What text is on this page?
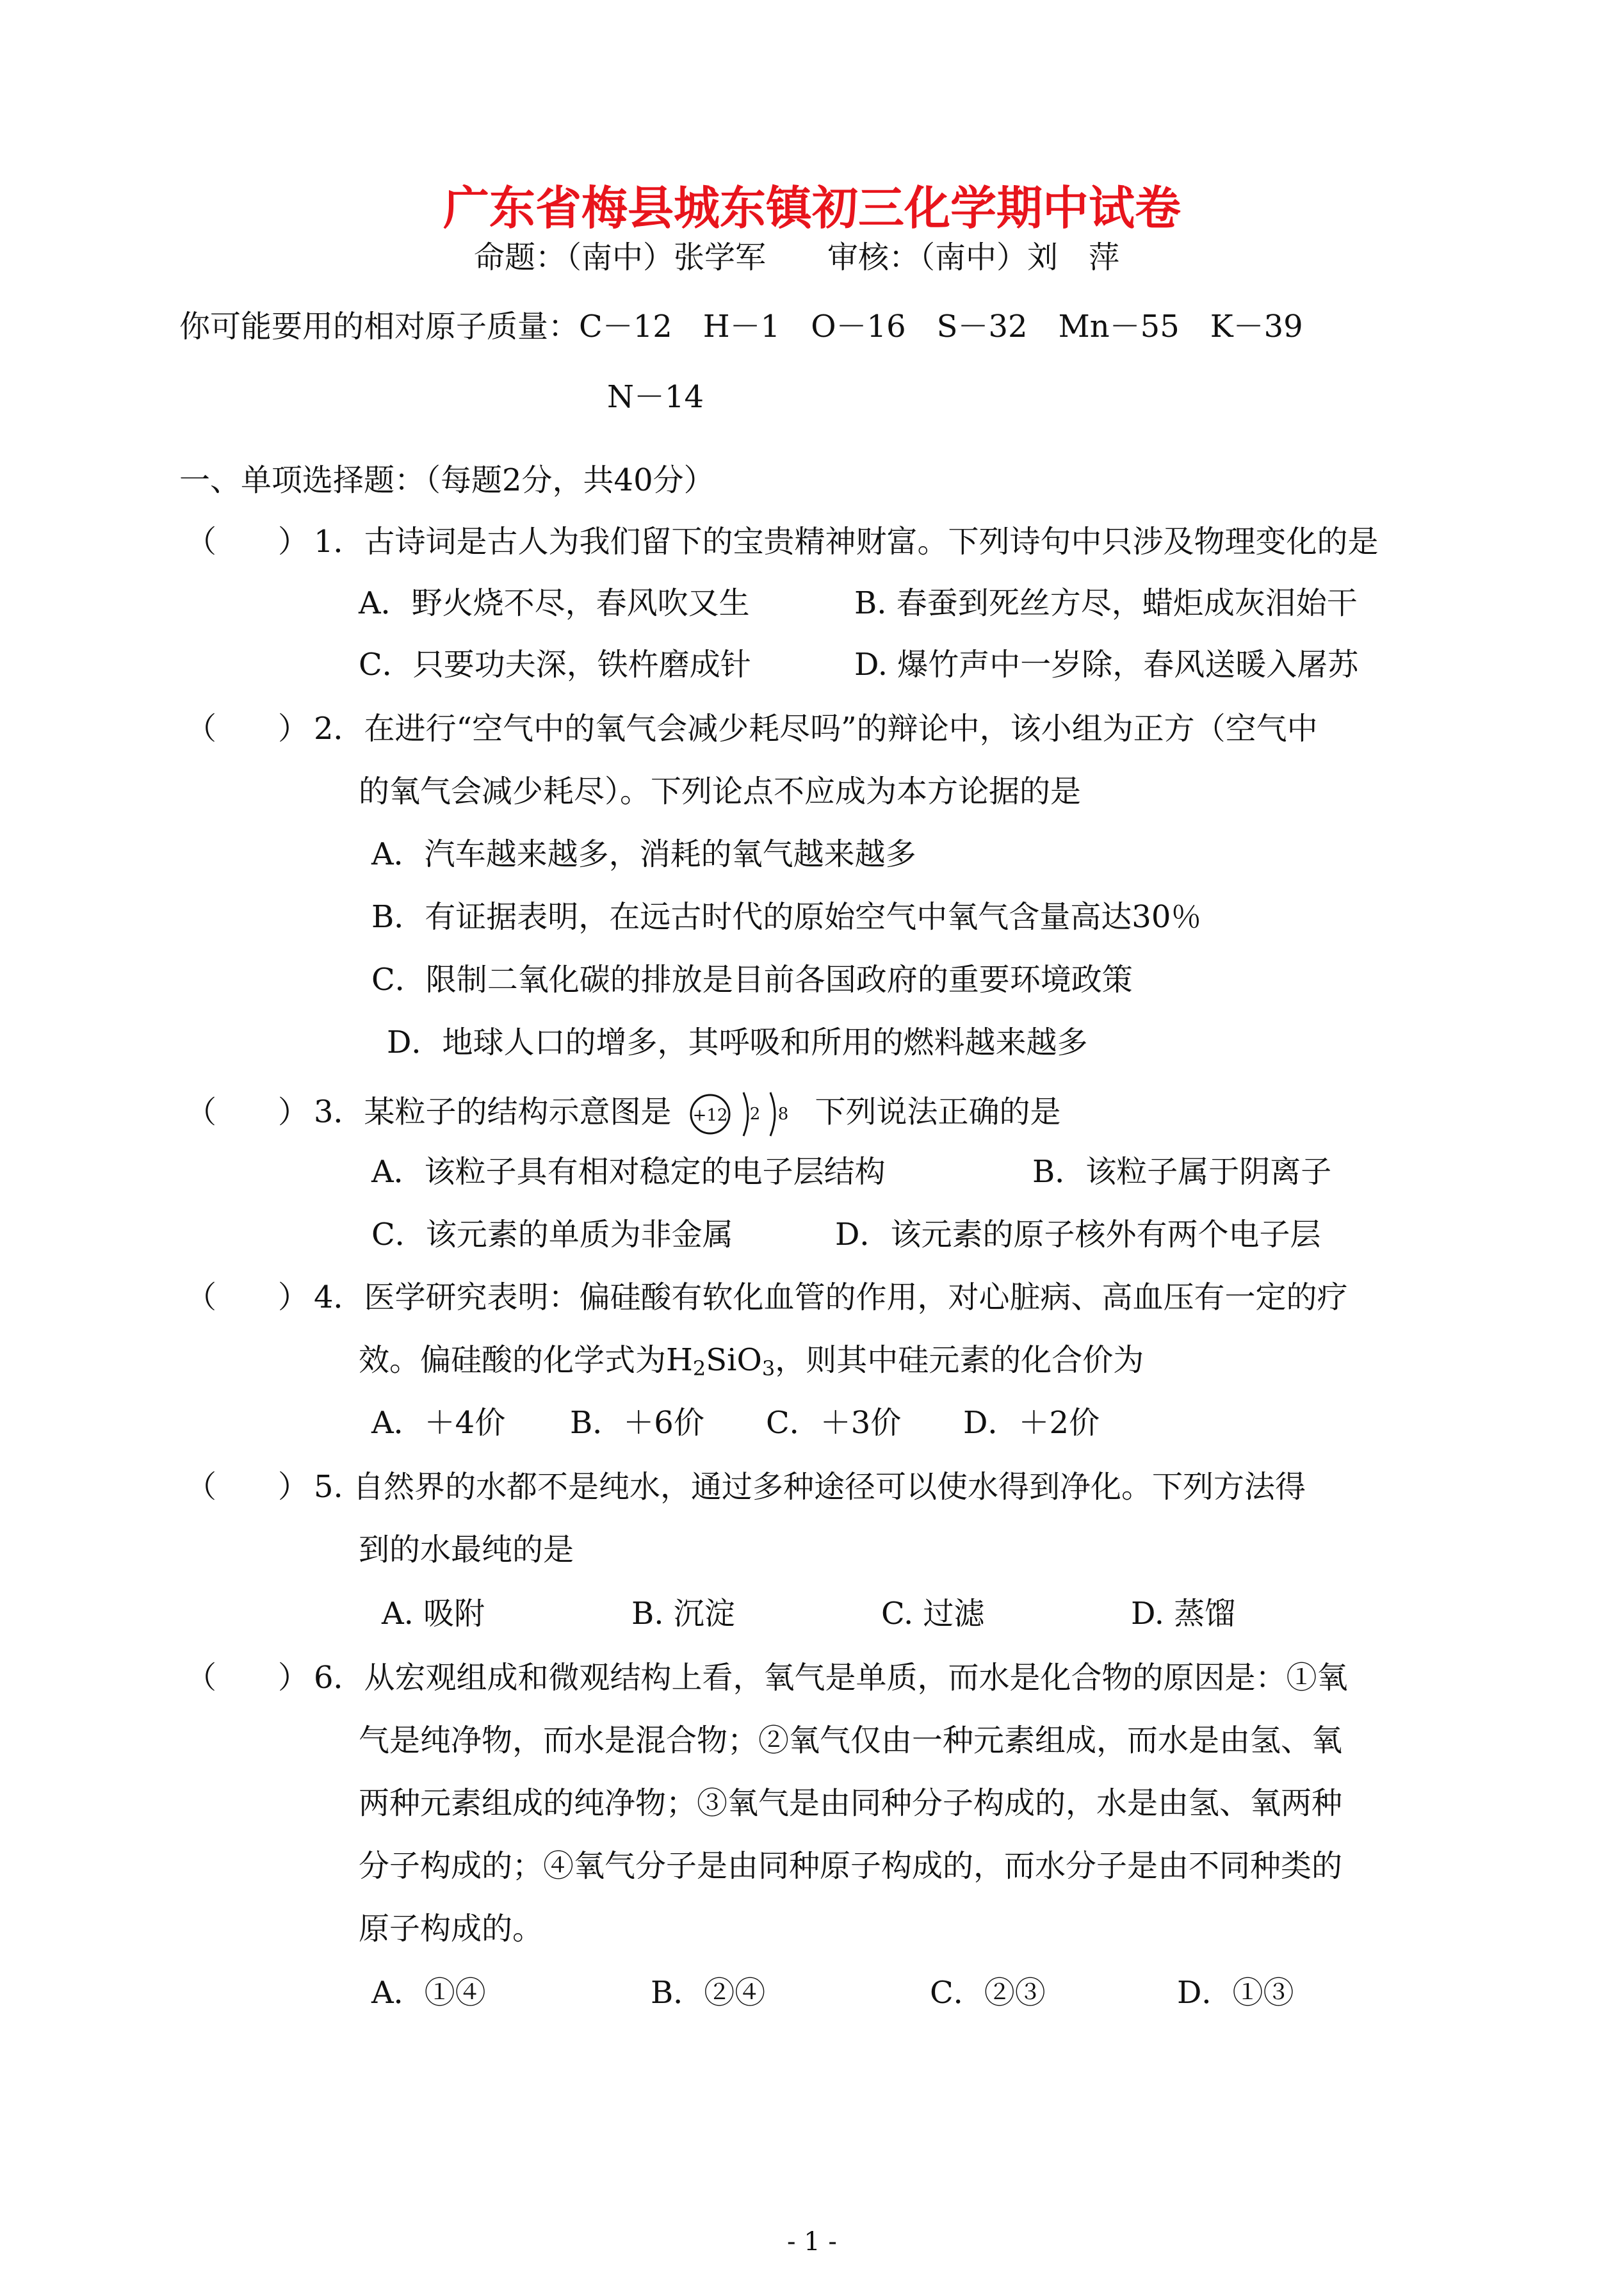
广东省梅县城东镇初三化学期中试卷
命题：（南中）张学军　　审核：（南中）刘　萍
你可能要用的相对原子质量：C－12　H－1　O－16　S－32　Mn－55　K－39
N－14
一、单项选择题：（每题2分，共40分）
（　　 ） 1．古诗词是古人为我们留下的宝贵精神财富。下列诗句中只涉及物理变化的是
A．野火烧不尽，春风吹又生	B. 春蚕到死丝方尽，蜡炬成灰泪始干
C．只要功夫深，铁杵磨成针	D. 爆竹声中一岁除，春风送暖入屠苏
（　　 ） 2．在进行“空气中的氧气会减少耗尽吗”的辩论中，该小组为正方（空气中
的氧气会减少耗尽）。下列论点不应成为本方论据的是
A．汽车越来越多，消耗的氧气越来越多
B．有证据表明，在远古时代的原始空气中氧气含量高达30％
C．限制二氧化碳的排放是目前各国政府的重要环境政策
D．地球人口的增多，其呼吸和所用的燃料越来越多
（　　 ） 3．某粒子的结构示意图是 +12 2 8 下列说法正确的是
A．该粒子具有相对稳定的电子层结构	B．该粒子属于阴离子
C．该元素的单质为非金属	D．该元素的原子核外有两个电子层
（　　 ） 4．医学研究表明：偏硅酸有软化血管的作用，对心脏病、高血压有一定的疗
效。偏硅酸的化学式为$H_2SiO_3$，则其中硅元素的化合价为
A．＋4价 B．＋6价 C．＋3价 D．＋2价
（　　 ） 5. 自然界的水都不是纯水，通过多种途径可以使水得到净化。下列方法得
到的水最纯的是
A. 吸附	B. 沉淀	C. 过滤	D. 蒸馏
（　　 ） 6．从宏观组成和微观结构上看，氧气是单质，而水是化合物的原因是：①氧
气是纯净物，而水是混合物；②氧气仅由一种元素组成，而水是由氢、氧
两种元素组成的纯净物；③氧气是由同种分子构成的，水是由氢、氧两种
分子构成的；④氧气分子是由同种原子构成的，而水分子是由不同种类的
原子构成的。
A．①④	B．②④	C．②③	D．①③
- 1 -
